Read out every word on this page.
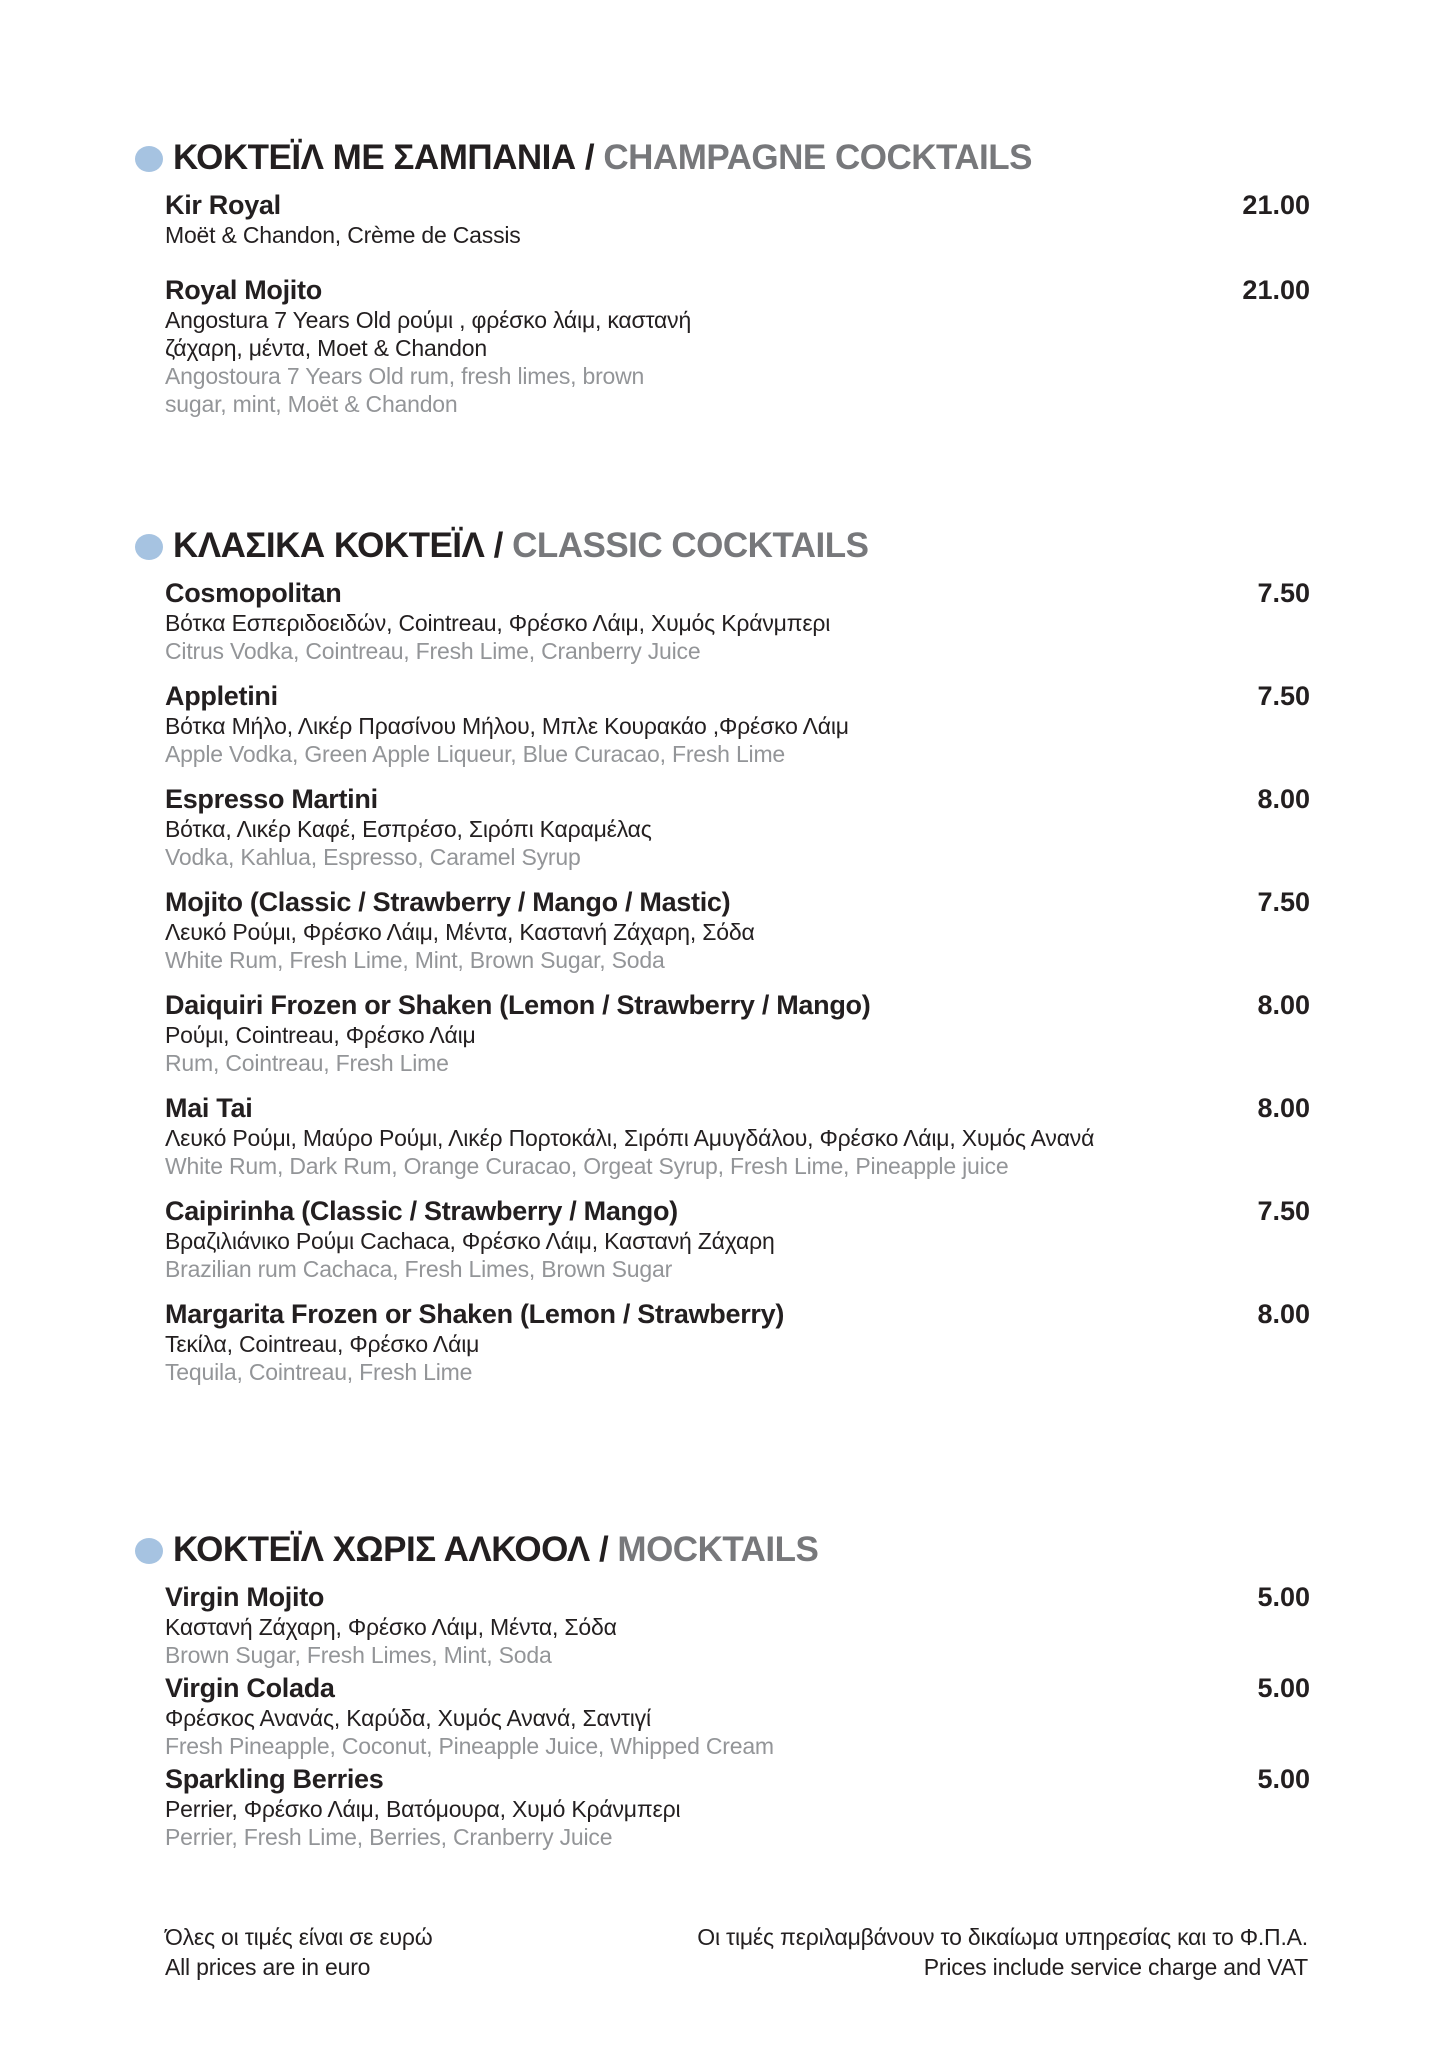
ΚΟΚΤΕΪΛ ΜΕ ΣΑΜΠΑΝΙΑ / CHAMPAGNE COCKTAILS
Kir Royal
Moët & Chandon, Crème de Cassis
21.00
Royal Mojito
Angostura 7 Years Old ρούμι , φρέσκο λάιμ, καστανή
ζάχαρη, μέντα, Moet & Chandon
Angostoura 7 Years Old rum, fresh limes, brown
sugar, mint, Moët & Chandon
21.00
ΚΛΑΣΙΚΑ ΚΟΚΤΕΪΛ / CLASSIC COCKTAILS
Cosmopolitan
Βότκα Εσπεριδοειδών, Cointreau, Φρέσκο Λάιμ, Χυμός Κράνμπερι
Citrus Vodka, Cointreau, Fresh Lime, Cranberry Juice
7.50
Appletini
Βότκα Μήλο, Λικέρ Πρασίνου Μήλου, Μπλε Κουρακάο ,Φρέσκο Λάιμ
Apple Vodka, Green Apple Liqueur, Blue Curacao, Fresh Lime
7.50
Espresso Martini
Βότκα, Λικέρ Καφέ, Εσπρέσο, Σιρόπι Καραμέλας
Vodka, Kahlua, Espresso, Caramel Syrup
8.00
Mojito (Classic / Strawberry / Mango / Mastic)
Λευκό Ρούμι, Φρέσκο Λάιμ, Μέντα, Καστανή Ζάχαρη, Σόδα
White Rum, Fresh Lime, Mint, Brown Sugar, Soda
7.50
Daiquiri Frozen or Shaken (Lemon / Strawberry / Mango)
Ρούμι, Cointreau, Φρέσκο Λάιμ
Rum, Cointreau, Fresh Lime
8.00
Mai Tai
Λευκό Ρούμι, Μαύρο Ρούμι, Λικέρ Πορτοκάλι, Σιρόπι Αμυγδάλου, Φρέσκο Λάιμ, Χυμός Ανανά
White Rum, Dark Rum, Orange Curacao, Orgeat Syrup, Fresh Lime, Pineapple juice
8.00
Caipirinha (Classic / Strawberry / Mango)
Βραζιλιάνικο Ρούμι Cachaca, Φρέσκο Λάιμ, Καστανή Ζάχαρη
Brazilian rum Cachaca, Fresh Limes, Brown Sugar
7.50
Margarita Frozen or Shaken (Lemon / Strawberry)
Τεκίλα, Cointreau, Φρέσκο Λάιμ
Tequila, Cointreau, Fresh Lime
8.00
ΚΟΚΤΕΪΛ ΧΩΡΙΣ ΑΛΚΟΟΛ / MOCKTAILS
Virgin Mojito
Καστανή Ζάχαρη, Φρέσκο Λάιμ, Μέντα, Σόδα
Brown Sugar, Fresh Limes, Mint, Soda
5.00
Virgin Colada
Φρέσκος Ανανάς, Καρύδα, Χυμός Ανανά, Σαντιγί
Fresh Pineapple, Coconut, Pineapple Juice, Whipped Cream
5.00
Sparkling Berries
Perrier, Φρέσκο Λάιμ, Βατόμουρα, Χυμό Κράνμπερι
Perrier, Fresh Lime, Berries, Cranberry Juice
5.00
Όλες οι τιμές είναι σε ευρώ
All prices are in euro
Οι τιμές περιλαμβάνουν το δικαίωμα υπηρεσίας και το Φ.Π.Α.
Prices include service charge and VAT
